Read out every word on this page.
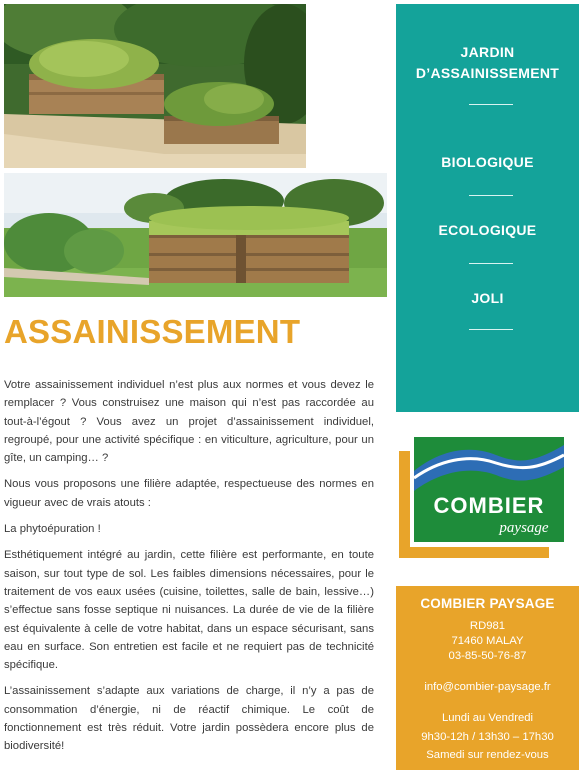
ASSAINISSEMENT

Votre assainissement individuel n’est plus aux normes et vous devez le remplacer ? Vous construisez une maison qui n’est pas raccordée au tout-à-l’égout ? Vous avez un projet d’assainissement individuel, regroupé, pour une activité spécifique : en viticulture, agriculture, pour un gîte, un camping… ?

Nous vous proposons une filière adaptée, respectueuse des normes en vigueur avec de vrais atouts :

La phytoépuration !

Esthétiquement intégré au jardin, cette filière est performante, en toute saison, sur tout type de sol. Les faibles dimensions nécessaires, pour le traitement de vos eaux usées (cuisine, toilettes, salle de bain, lessive…) s’effectue sans fosse septique ni nuisances. La durée de vie de la filière est équivalente à celle de votre habitat, dans un espace sécurisant, sans eau en surface. Son entretien est facile et ne requiert pas de technicité spécifique.

L’assainissement s’adapte aux variations de charge, il n’y a pas de consommation d’énergie, ni de réactif chimique. Le coût de fonctionnement est très réduit. Votre jardin possèdera encore plus de biodiversité!

JARDIN
D’ASSAINISSEMENT
BIOLOGIQUE
ECOLOGIQUE
JOLI
COMBIER
paysage
COMBIER PAYSAGE
RD981
71460 MALAY
03-85-50-76-87
info@combier-paysage.fr
Lundi au Vendredi
9h30-12h / 13h30 – 17h30
Samedi sur rendez-vous
